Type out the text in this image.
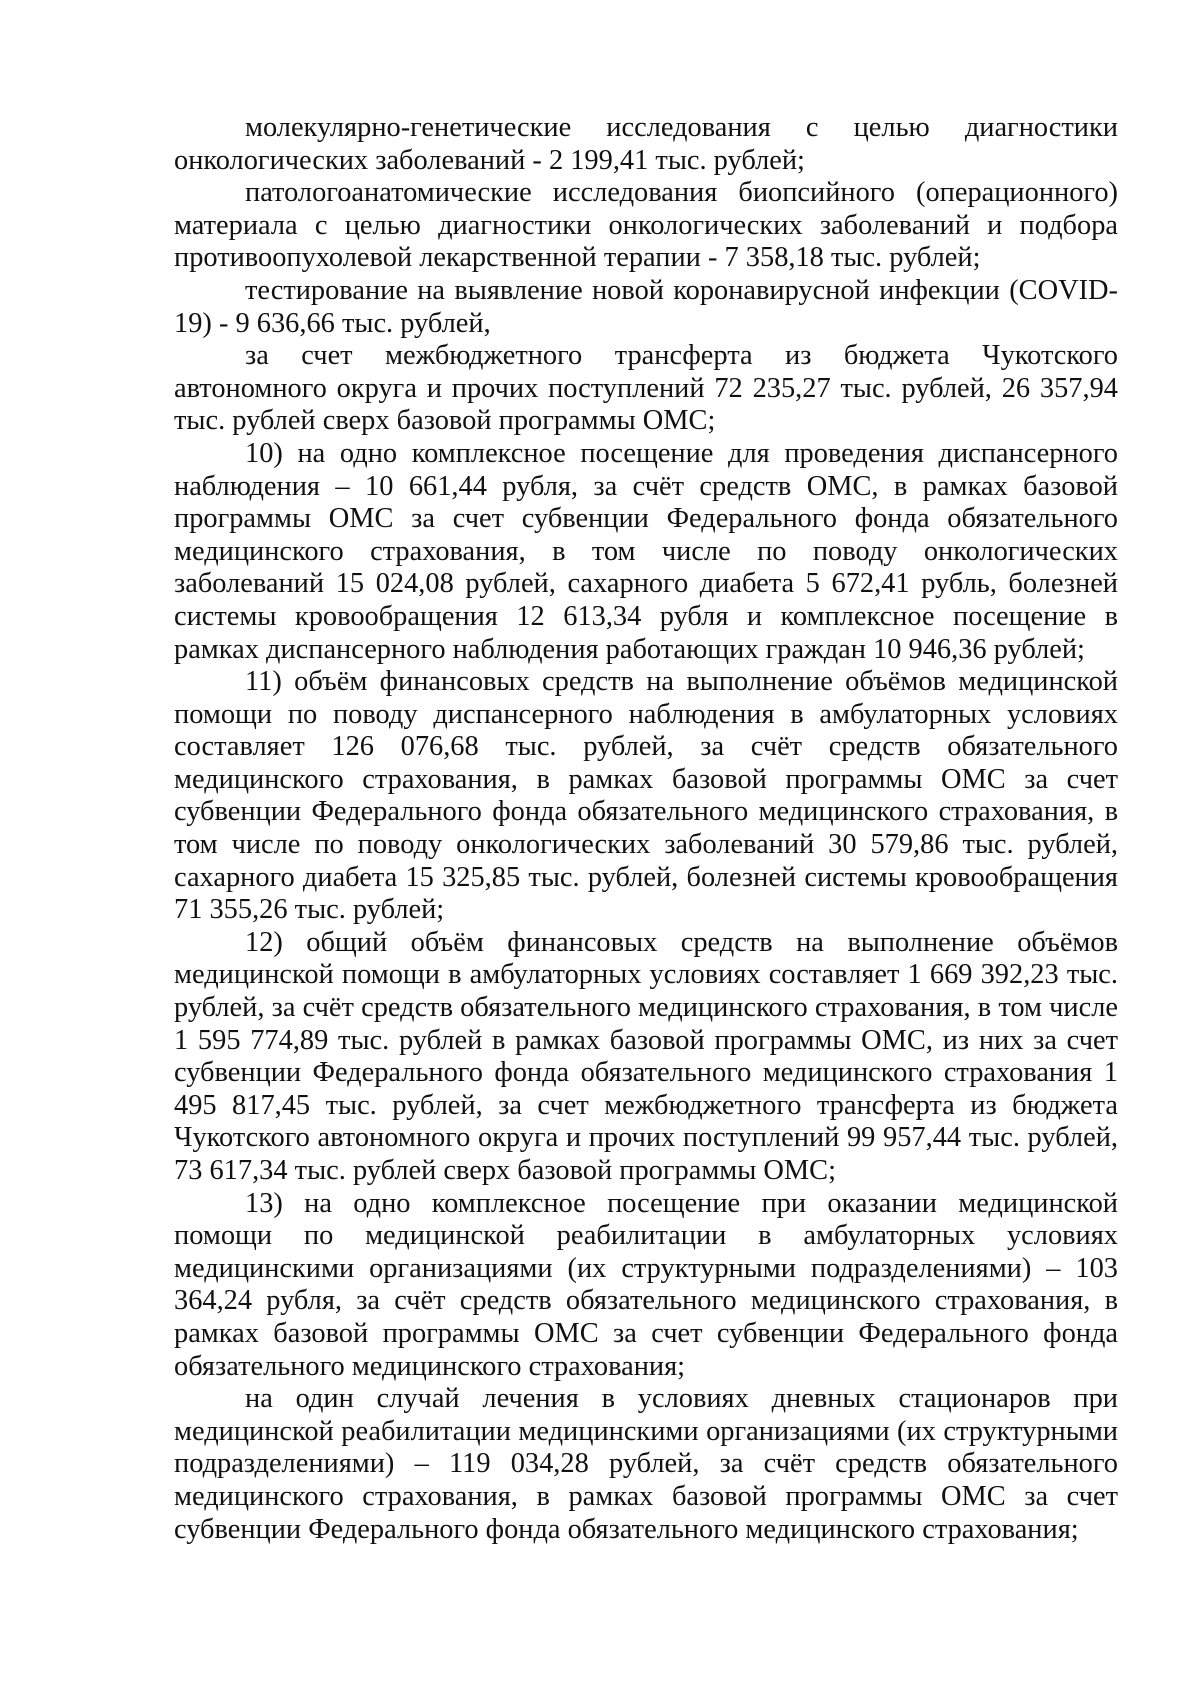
молекулярно-генетические исследования с целью диагностики онкологических заболеваний - 2 199,41 тыс. рублей;

патологоанатомические исследования биопсийного (операционного) материала с целью диагностики онкологических заболеваний и подбора противоопухолевой лекарственной терапии - 7 358,18 тыс. рублей;

тестирование на выявление новой коронавирусной инфекции (COVID-19) - 9 636,66 тыс. рублей,

за счет межбюджетного трансферта из бюджета Чукотского автономного округа и прочих поступлений 72 235,27 тыс. рублей, 26 357,94 тыс. рублей сверх базовой программы ОМС;

10) на одно комплексное посещение для проведения диспансерного наблюдения – 10 661,44 рубля, за счёт средств ОМС, в рамках базовой программы ОМС за счет субвенции Федерального фонда обязательного медицинского страхования, в том числе по поводу онкологических заболеваний 15 024,08 рублей, сахарного диабета 5 672,41 рубль, болезней системы кровообращения 12 613,34 рубля и комплексное посещение в рамках диспансерного наблюдения работающих граждан 10 946,36 рублей;

11) объём финансовых средств на выполнение объёмов медицинской помощи по поводу диспансерного наблюдения в амбулаторных условиях составляет 126 076,68 тыс. рублей, за счёт средств обязательного медицинского страхования, в рамках базовой программы ОМС за счет субвенции Федерального фонда обязательного медицинского страхования, в том числе по поводу онкологических заболеваний 30 579,86 тыс. рублей, сахарного диабета 15 325,85 тыс. рублей, болезней системы кровообращения 71 355,26 тыс. рублей;

12) общий объём финансовых средств на выполнение объёмов медицинской помощи в амбулаторных условиях составляет 1 669 392,23 тыс. рублей, за счёт средств обязательного медицинского страхования, в том числе 1 595 774,89 тыс. рублей в рамках базовой программы ОМС, из них за счет субвенции Федерального фонда обязательного медицинского страхования 1 495 817,45 тыс. рублей, за счет межбюджетного трансферта из бюджета Чукотского автономного округа и прочих поступлений 99 957,44 тыс. рублей, 73 617,34 тыс. рублей сверх базовой программы ОМС;

13) на одно комплексное посещение при оказании медицинской помощи по медицинской реабилитации в амбулаторных условиях медицинскими организациями (их структурными подразделениями) – 103 364,24 рубля, за счёт средств обязательного медицинского страхования, в рамках базовой программы ОМС за счет субвенции Федерального фонда обязательного медицинского страхования;

на один случай лечения в условиях дневных стационаров при медицинской реабилитации медицинскими организациями (их структурными подразделениями) – 119 034,28 рублей, за счёт средств обязательного медицинского страхования, в рамках базовой программы ОМС за счет субвенции Федерального фонда обязательного медицинского страхования;
